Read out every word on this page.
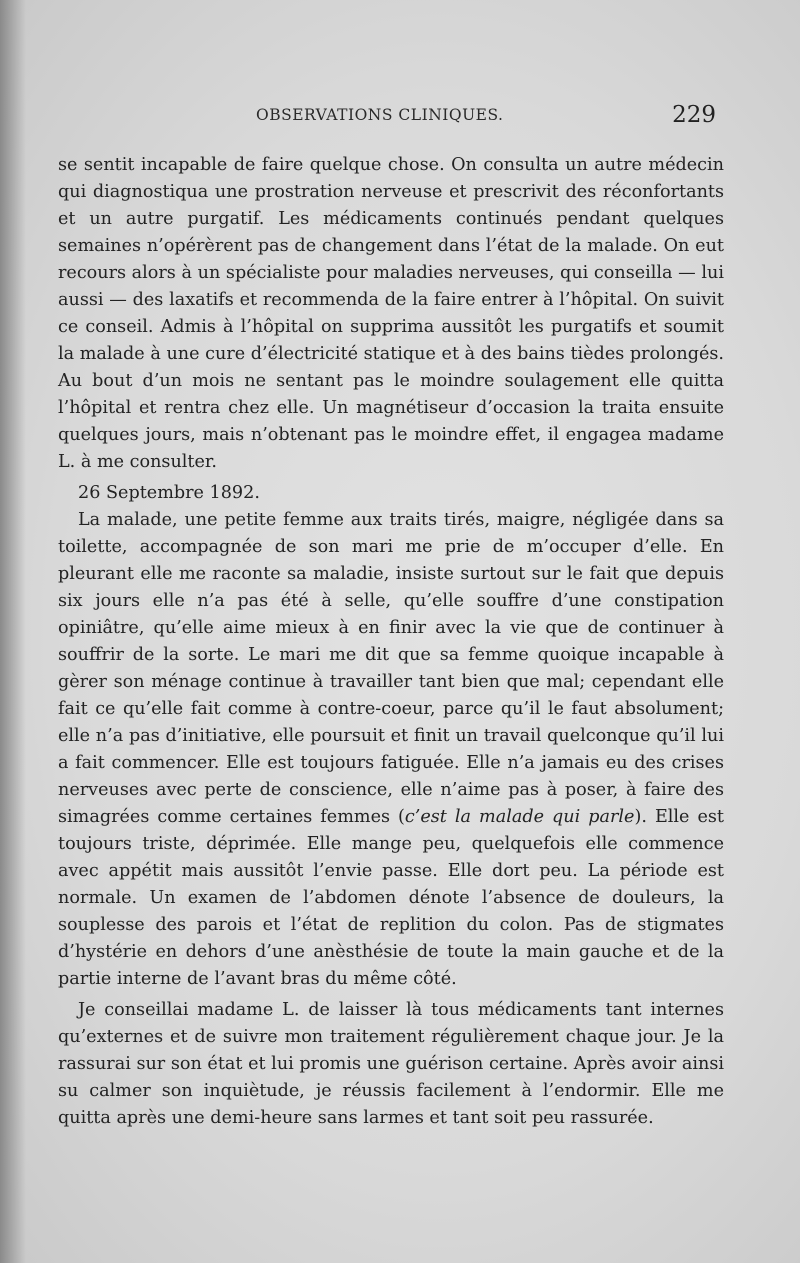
OBSERVATIONS CLINIQUES.	229

se sentit incapable de faire quelque chose. On consulta un autre médecin qui diagnostiqua une prostration nerveuse et prescrivit des réconfortants et un autre purgatif. Les médicaments continués pendant quelques semaines n’opérèrent pas de changement dans l’état de la malade. On eut recours alors à un spécialiste pour maladies nerveuses, qui conseilla — lui aussi — des laxatifs et recommenda de la faire entrer à l’hôpital. On suivit ce conseil. Admis à l’hôpital on supprima aussitôt les purgatifs et soumit la malade à une cure d’électricité statique et à des bains tièdes prolongés. Au bout d’un mois ne sentant pas le moindre soulagement elle quitta l’hôpital et rentra chez elle. Un magnétiseur d’occasion la traita ensuite quelques jours, mais n’obtenant pas le moindre effet, il engagea madame L. à me consulter.

26 Septembre 1892.

La malade, une petite femme aux traits tirés, maigre, négligée dans sa toilette, accompagnée de son mari me prie de m’occuper d’elle. En pleurant elle me raconte sa maladie, insiste surtout sur le fait que depuis six jours elle n’a pas été à selle, qu’elle souffre d’une constipation opiniâtre, qu’elle aime mieux à en finir avec la vie que de continuer à souffrir de la sorte. Le mari me dit que sa femme quoique incapable à gèrer son ménage continue à travailler tant bien que mal; cependant elle fait ce qu’elle fait comme à contre-coeur, parce qu’il le faut absolument; elle n’a pas d’initiative, elle poursuit et finit un travail quelconque qu’il lui a fait commencer. Elle est toujours fatiguée. Elle n’a jamais eu des crises nerveuses avec perte de conscience, elle n’aime pas à poser, à faire des simagrées comme certaines femmes (c’est la malade qui parle). Elle est toujours triste, déprimée. Elle mange peu, quelquefois elle commence avec appétit mais aussitôt l’envie passe. Elle dort peu. La période est normale. Un examen de l’abdomen dénote l’absence de douleurs, la souplesse des parois et l’état de replition du colon. Pas de stigmates d’hystérie en dehors d’une anèsthésie de toute la main gauche et de la partie interne de l’avant bras du même côté.

Je conseillai madame L. de laisser là tous médicaments tant internes qu’externes et de suivre mon traitement régulièrement chaque jour. Je la rassurai sur son état et lui promis une guérison certaine. Après avoir ainsi su calmer son inquiètude, je réussis facilement à l’endormir. Elle me quitta après une demi-heure sans larmes et tant soit peu rassurée.
